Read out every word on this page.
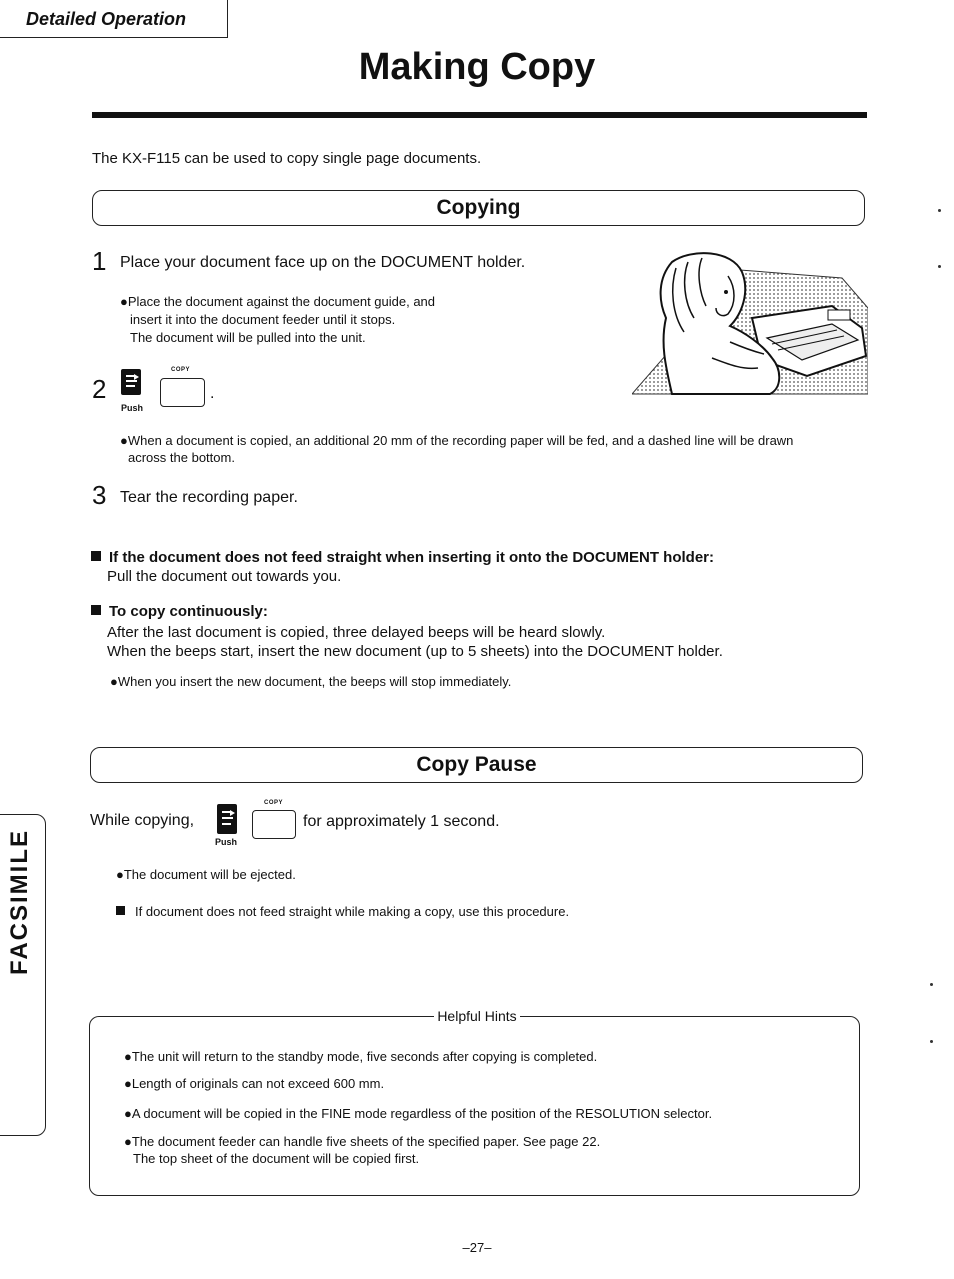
Detailed Operation
Making Copy
The KX-F115 can be used to copy single page documents.
Copying
1 Place your document face up on the DOCUMENT holder.
●Place the document against the document guide, and
insert it into the document feeder until it stops.
The document will be pulled into the unit.
2
Push
COPY
.
●When a document is copied, an additional 20 mm of the recording paper will be fed, and a dashed line will be drawn
across the bottom.
3 Tear the recording paper.
If the document does not feed straight when inserting it onto the DOCUMENT holder:
Pull the document out towards you.
To copy continuously:
After the last document is copied, three delayed beeps will be heard slowly.
When the beeps start, insert the new document (up to 5 sheets) into the DOCUMENT holder.
●When you insert the new document, the beeps will stop immediately.
Copy Pause
While copying,
Push
COPY
for approximately 1 second.
●The document will be ejected.
If document does not feed straight while making a copy, use this procedure.
Helpful Hints
●The unit will return to the standby mode, five seconds after copying is completed.
●Length of originals can not exceed 600 mm.
●A document will be copied in the FINE mode regardless of the position of the RESOLUTION selector.
●The document feeder can handle five sheets of the specified paper. See page 22.
The top sheet of the document will be copied first.
FACSIMILE
–27–
